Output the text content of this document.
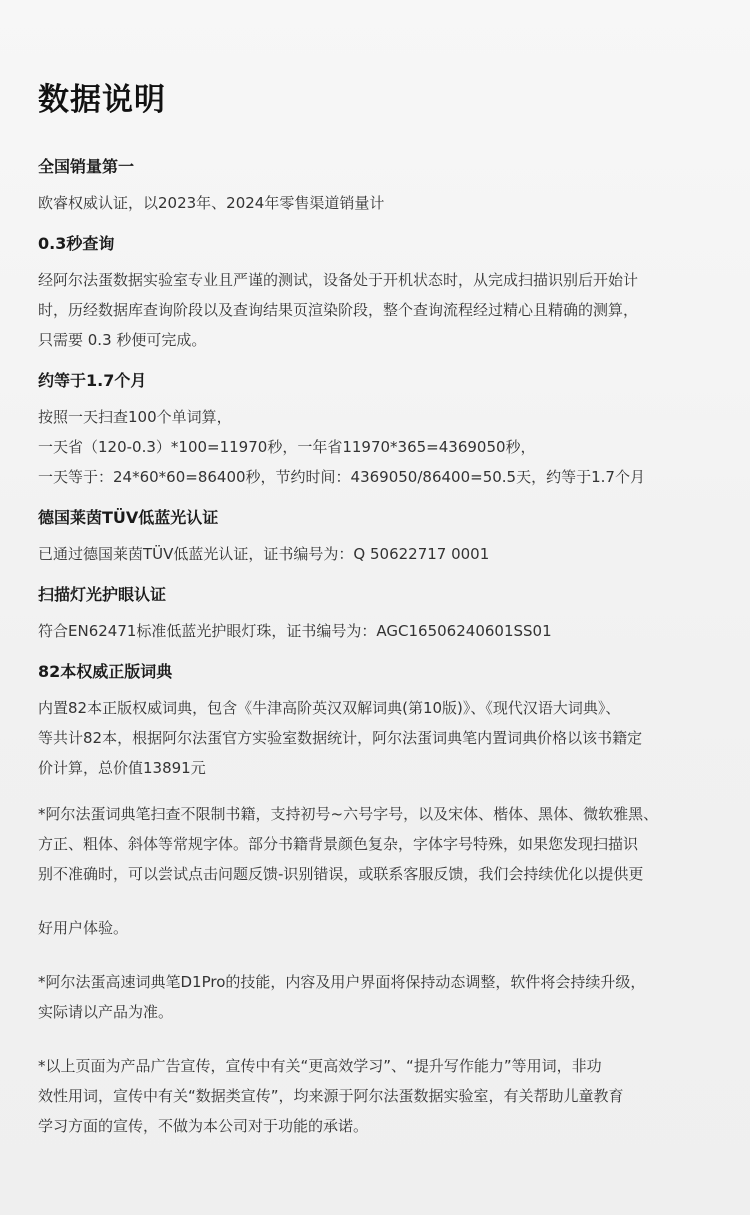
数据说明
全国销量第一
欧睿权威认证，以2023年、2024年零售渠道销量计
0.3秒查询
经阿尔法蛋数据实验室专业且严谨的测试，设备处于开机状态时，从完成扫描识别后开始计
时，历经数据库查询阶段以及查询结果页渲染阶段，整个查询流程经过精心且精确的测算，
只需要 0.3 秒便可完成。
约等于1.7个月
按照一天扫查100个单词算，
一天省（120-0.3）*100=11970秒，一年省11970*365=4369050秒，
一天等于：24*60*60=86400秒，节约时间：4369050/86400=50.5天，约等于1.7个月
德国莱茵TÜV低蓝光认证
已通过德国莱茵TÜV低蓝光认证，证书编号为：Q 50622717 0001
扫描灯光护眼认证
符合EN62471标准低蓝光护眼灯珠，证书编号为：AGC16506240601SS01
82本权威正版词典
内置82本正版权威词典，包含《牛津高阶英汉双解词典(第10版)》、《现代汉语大词典》、
等共计82本，根据阿尔法蛋官方实验室数据统计，阿尔法蛋词典笔内置词典价格以该书籍定
价计算，总价值13891元
*阿尔法蛋词典笔扫查不限制书籍，支持初号~六号字号，以及宋体、楷体、黑体、微软雅黑、
方正、粗体、斜体等常规字体。部分书籍背景颜色复杂，字体字号特殊，如果您发现扫描识
别不准确时，可以尝试点击问题反馈-识别错误，或联系客服反馈，我们会持续优化以提供更
好用户体验。
*阿尔法蛋高速词典笔D1Pro的技能，内容及用户界面将保持动态调整，软件将会持续升级，
实际请以产品为准。
*以上页面为产品广告宣传，宣传中有关“更高效学习”、“提升写作能力”等用词，非功
效性用词，宣传中有关“数据类宣传”，均来源于阿尔法蛋数据实验室，有关帮助儿童教育
学习方面的宣传，不做为本公司对于功能的承诺。
